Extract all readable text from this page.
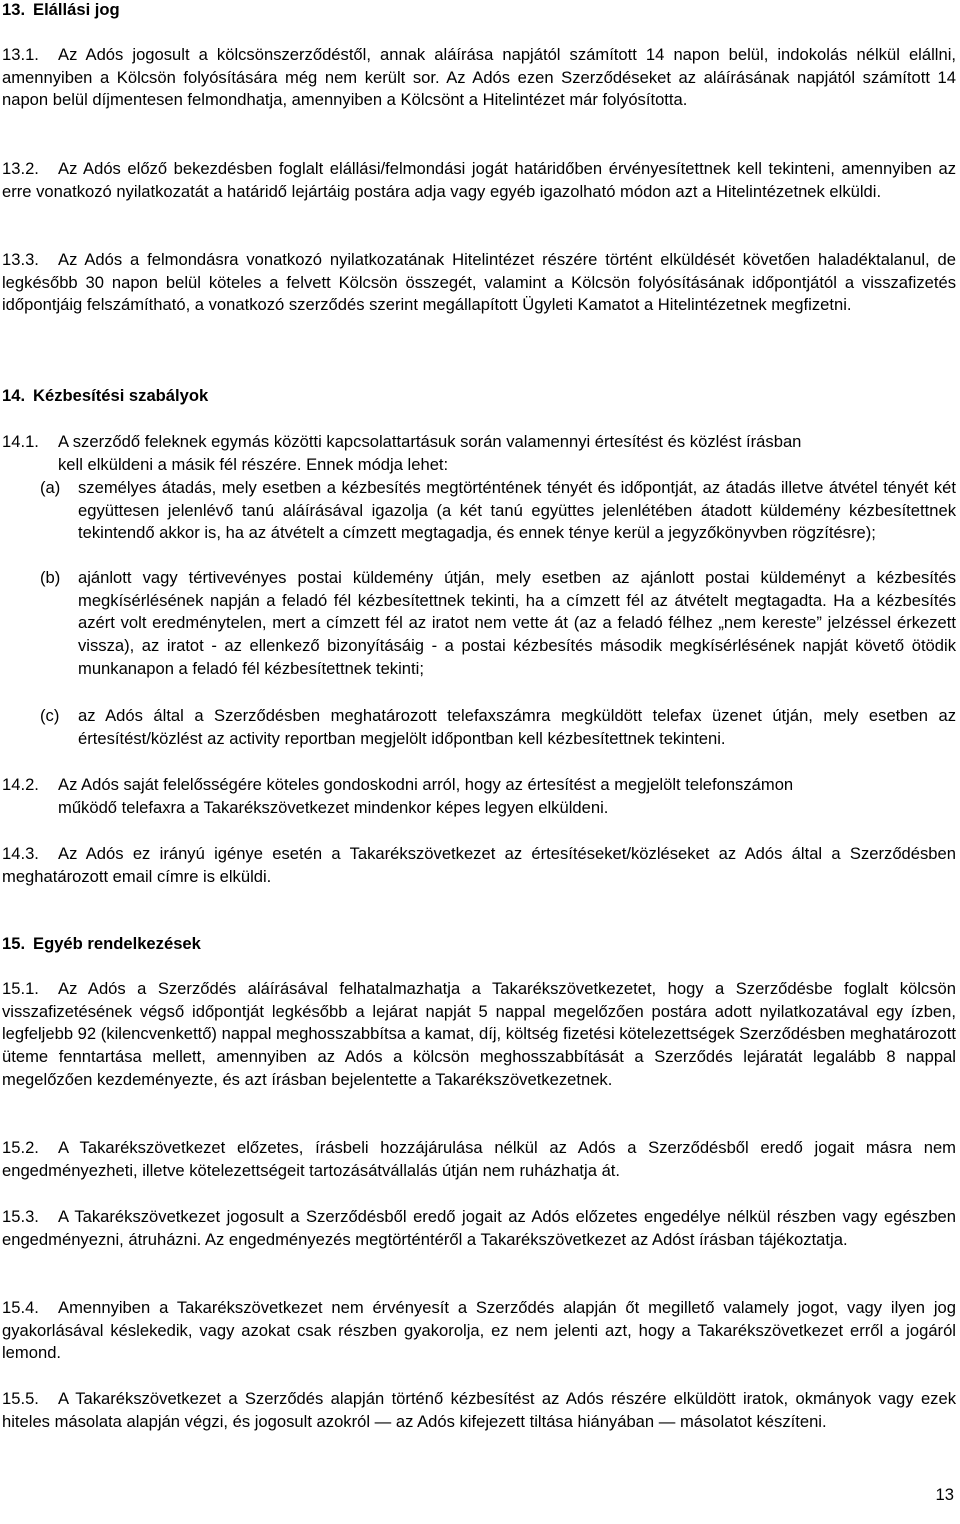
13. Elállási jog

13.1. Az Adós jogosult a kölcsönszerződéstől, annak aláírása napjától számított 14 napon belül, indokolás nélkül elállni, amennyiben a Kölcsön folyósítására még nem került sor. Az Adós ezen Szerződéseket az aláírásának napjától számított 14 napon belül díjmentesen felmondhatja, amennyiben a Kölcsönt a Hitelintézet már folyósította.

13.2. Az Adós előző bekezdésben foglalt elállási/felmondási jogát határidőben érvényesítettnek kell tekinteni, amennyiben az erre vonatkozó nyilatkozatát a határidő lejártáig postára adja vagy egyéb igazolható módon azt a Hitelintézetnek elküldi.

13.3. Az Adós a felmondásra vonatkozó nyilatkozatának Hitelintézet részére történt elküldését követően haladéktalanul, de legkésőbb 30 napon belül köteles a felvett Kölcsön összegét, valamint a Kölcsön folyósításának időpontjától a visszafizetés időpontjáig felszámítható, a vonatkozó szerződés szerint megállapított Ügyleti Kamatot a Hitelintézetnek megfizetni.

14. Kézbesítési szabályok

14.1. A szerződő feleknek egymás közötti kapcsolattartásuk során valamennyi értesítést és közlést írásban

kell elküldeni a másik fél részére. Ennek módja lehet:

(a) személyes átadás, mely esetben a kézbesítés megtörténtének tényét és időpontját, az átadás illetve átvétel tényét két együttesen jelenlévő tanú aláírásával igazolja (a két tanú együttes jelenlétében átadott küldemény kézbesítettnek tekintendő akkor is, ha az átvételt a címzett megtagadja, és ennek ténye kerül a jegyzőkönyvben rögzítésre);

(b) ajánlott vagy tértivevényes postai küldemény útján, mely esetben az ajánlott postai küldeményt a kézbesítés megkísérlésének napján a feladó fél kézbesítettnek tekinti, ha a címzett fél az átvételt megtagadta. Ha a kézbesítés azért volt eredménytelen, mert a címzett fél az iratot nem vette át (az a feladó félhez „nem kereste” jelzéssel érkezett vissza), az iratot - az ellenkező bizonyításáig - a postai kézbesítés második megkísérlésének napját követő ötödik munkanapon a feladó fél kézbesítettnek tekinti;

(c) az Adós által a Szerződésben meghatározott telefaxszámra megküldött telefax üzenet útján, mely esetben az értesítést/közlést az activity reportban megjelölt időpontban kell kézbesítettnek tekinteni.

14.2. Az Adós saját felelősségére köteles gondoskodni arról, hogy az értesítést a megjelölt telefonszámon

működő telefaxra a Takarékszövetkezet mindenkor képes legyen elküldeni.

14.3. Az Adós ez irányú igénye esetén a Takarékszövetkezet az értesítéseket/közléseket az Adós által a Szerződésben meghatározott email címre is elküldi.

15. Egyéb rendelkezések

15.1. Az Adós a Szerződés aláírásával felhatalmazhatja a Takarékszövetkezetet, hogy a Szerződésbe foglalt kölcsön visszafizetésének végső időpontját legkésőbb a lejárat napját 5 nappal megelőzően postára adott nyilatkozatával egy ízben, legfeljebb 92 (kilencvenkettő) nappal meghosszabbítsa a kamat, díj, költség fizetési kötelezettségek Szerződésben meghatározott üteme fenntartása mellett, amennyiben az Adós a kölcsön meghosszabbítását a Szerződés lejáratát legalább 8 nappal megelőzően kezdeményezte, és azt írásban bejelentette a Takarékszövetkezetnek.

15.2. A Takarékszövetkezet előzetes, írásbeli hozzájárulása nélkül az Adós a Szerződésből eredő jogait másra nem engedményezheti, illetve kötelezettségeit tartozásátvállalás útján nem ruházhatja át.

15.3. A Takarékszövetkezet jogosult a Szerződésből eredő jogait az Adós előzetes engedélye nélkül részben vagy egészben engedményezni, átruházni. Az engedményezés megtörténtéről a Takarékszövetkezet az Adóst írásban tájékoztatja.

15.4. Amennyiben a Takarékszövetkezet nem érvényesít a Szerződés alapján őt megillető valamely jogot, vagy ilyen jog gyakorlásával késlekedik, vagy azokat csak részben gyakorolja, ez nem jelenti azt, hogy a Takarékszövetkezet erről a jogáról lemond.

15.5. A Takarékszövetkezet a Szerződés alapján történő kézbesítést az Adós részére elküldött iratok, okmányok vagy ezek hiteles másolata alapján végzi, és jogosult azokról — az Adós kifejezett tiltása hiányában — másolatot készíteni.

13
